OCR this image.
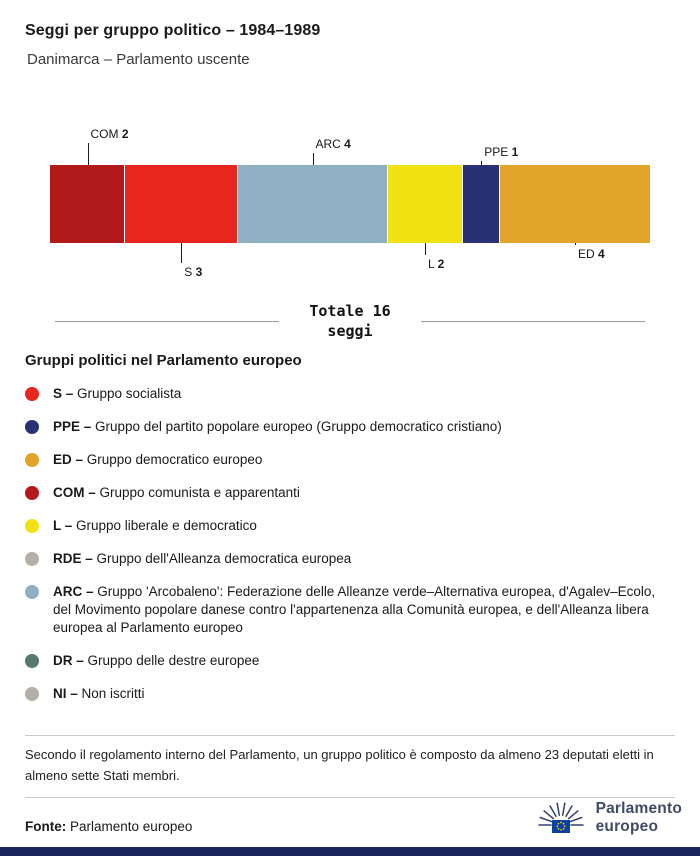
Seggi per gruppo politico – 1984–1989
Danimarca – Parlamento uscente
COM 2
S 3
ARC 4
L 2
PPE 1
ED 4
Totale 16
seggi
Gruppi politici nel Parlamento europeo
S – Gruppo socialista
PPE – Gruppo del partito popolare europeo (Gruppo democratico cristiano)
ED – Gruppo democratico europeo
COM – Gruppo comunista e apparentanti
L – Gruppo liberale e democratico
RDE – Gruppo dell'Alleanza democratica europea
ARC – Gruppo 'Arcobaleno': Federazione delle Alleanze verde–Alternativa europea, d'Agalev–Ecolo, del Movimento popolare danese contro l'appartenenza alla Comunità europea, e dell'Alleanza libera europea al Parlamento europeo
DR – Gruppo delle destre europee
NI – Non iscritti
Secondo il regolamento interno del Parlamento, un gruppo politico è composto da almeno 23 deputati eletti in almeno sette Stati membri.
Fonte: Parlamento europeo
Parlamento
europeo
